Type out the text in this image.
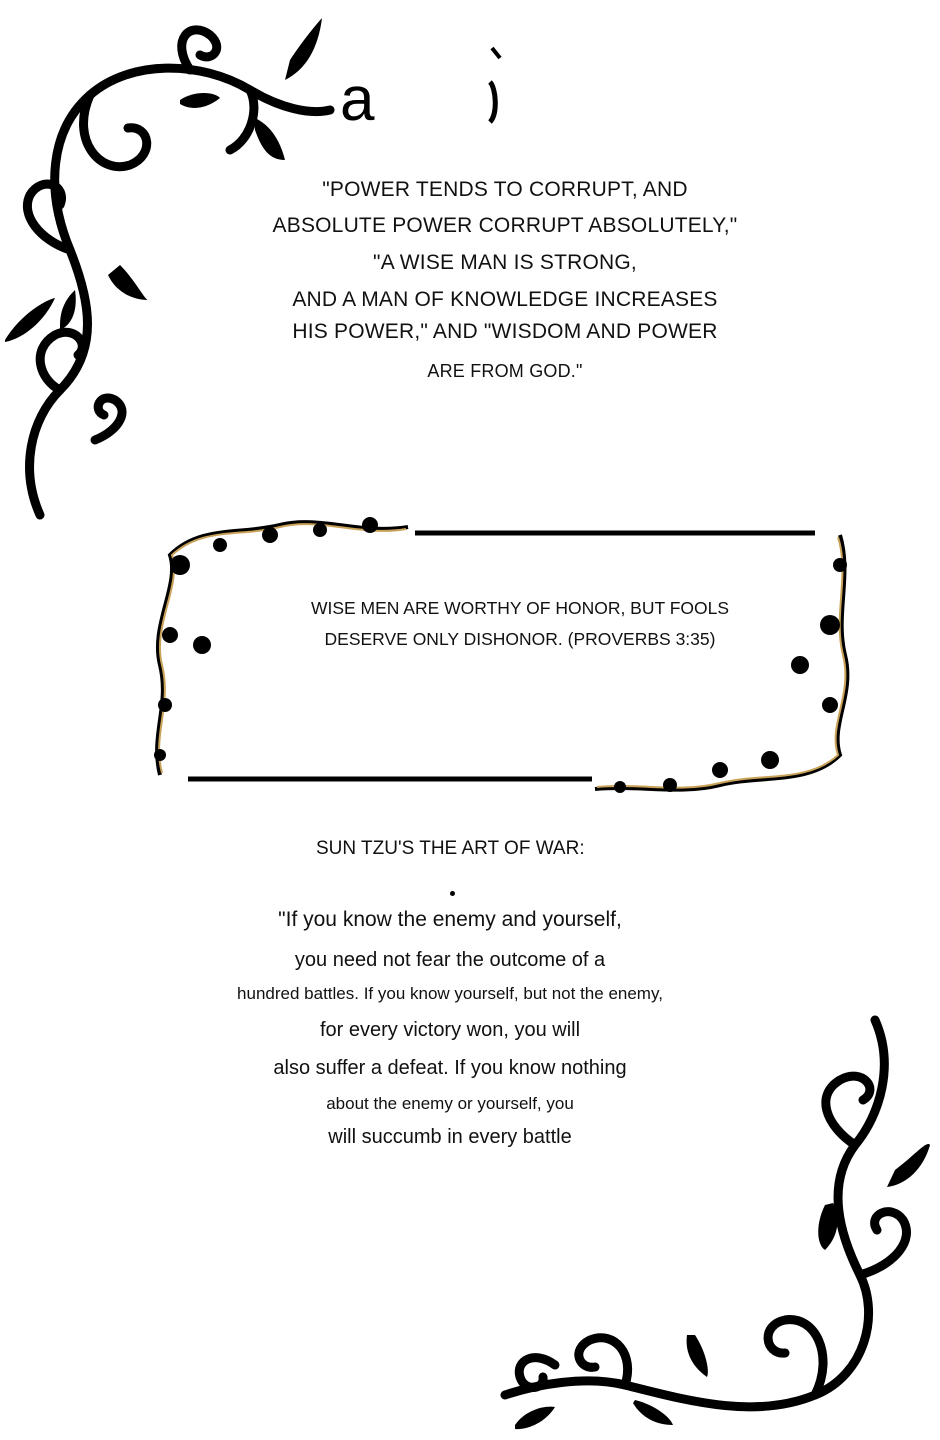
a
"POWER TENDS TO CORRUPT, AND
ABSOLUTE POWER CORRUPT ABSOLUTELY,"
"A WISE MAN IS STRONG,
AND A MAN OF KNOWLEDGE INCREASES
HIS POWER," AND "WISDOM AND POWER
ARE FROM GOD."
WISE MEN ARE WORTHY OF HONOR, BUT FOOLS
DESERVE ONLY DISHONOR. (PROVERBS 3:35)
SUN TZU'S THE ART OF WAR:
"If you know the enemy and yourself,
you need not fear the outcome of a
hundred battles. If you know yourself, but not the enemy,
for every victory won, you will
also suffer a defeat. If you know nothing
about the enemy or yourself, you
will succumb in every battle
